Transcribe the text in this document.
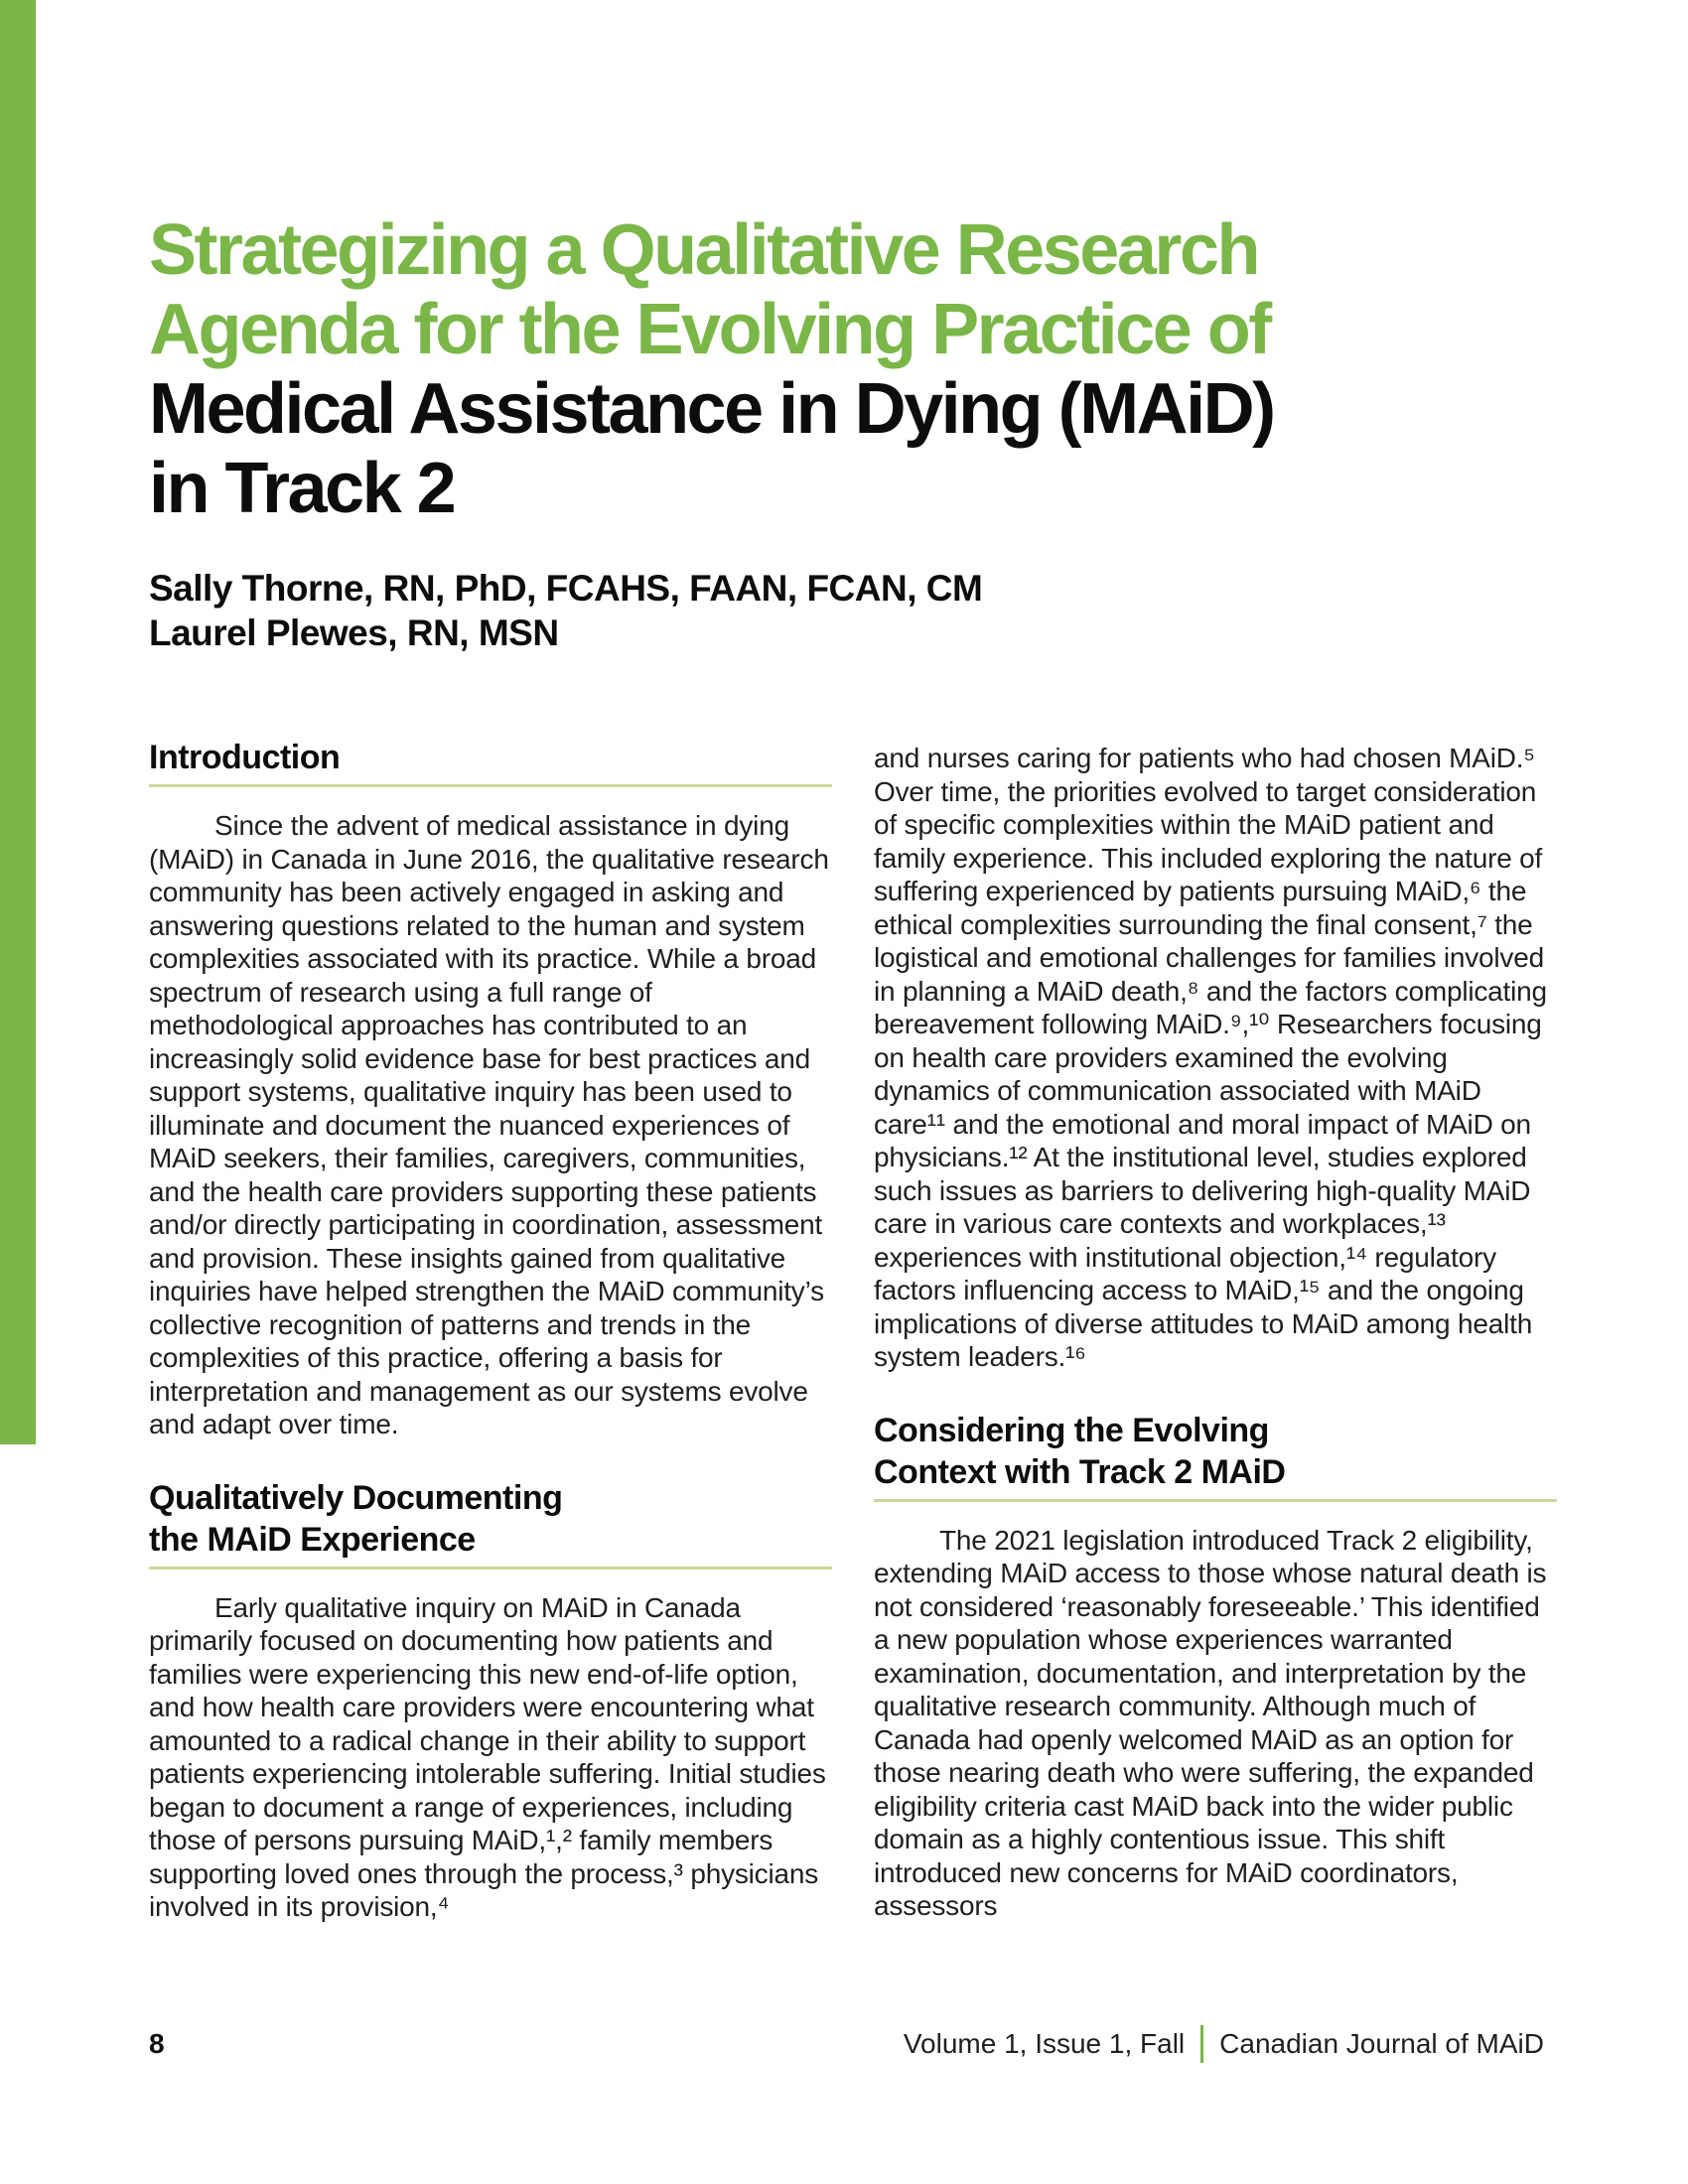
Strategizing a Qualitative Research
Agenda for the Evolving Practice of
Medical Assistance in Dying (MAiD)
in Track 2
Sally Thorne, RN, PhD, FCAHS, FAAN, FCAN, CM
Laurel Plewes, RN, MSN
Introduction

Since the advent of medical assistance in dying (MAiD) in Canada in June 2016, the qualitative research community has been actively engaged in asking and answering questions related to the human and system complexities associated with its practice. While a broad spectrum of research using a full range of methodological approaches has contributed to an increasingly solid evidence base for best practices and support systems, qualitative inquiry has been used to illuminate and document the nuanced experiences of MAiD seekers, their families, caregivers, communities, and the health care providers supporting these patients and/or directly participating in coordination, assessment and provision. These insights gained from qualitative inquiries have helped strengthen the MAiD community’s collective recognition of patterns and trends in the complexities of this practice, offering a basis for interpretation and management as our systems evolve and adapt over time.

Qualitatively Documenting
the MAiD Experience

Early qualitative inquiry on MAiD in Canada primarily focused on documenting how patients and families were experiencing this new end-of-life option, and how health care providers were encountering what amounted to a radical change in their ability to support patients experiencing intolerable suffering. Initial studies began to document a range of experiences, including those of persons pursuing MAiD,¹,² family members supporting loved ones through the process,³ physicians involved in its provision,⁴

and nurses caring for patients who had chosen MAiD.⁵ Over time, the priorities evolved to target consideration of specific complexities within the MAiD patient and family experience. This included exploring the nature of suffering experienced by patients pursuing MAiD,⁶ the ethical complexities surrounding the final consent,⁷ the logistical and emotional challenges for families involved in planning a MAiD death,⁸ and the factors complicating bereavement following MAiD.⁹,¹⁰ Researchers focusing on health care providers examined the evolving dynamics of communication associated with MAiD care¹¹ and the emotional and moral impact of MAiD on physicians.¹² At the institutional level, studies explored such issues as barriers to delivering high-quality MAiD care in various care contexts and workplaces,¹³ experiences with institutional objection,¹⁴ regulatory factors influencing access to MAiD,¹⁵ and the ongoing implications of diverse attitudes to MAiD among health system leaders.¹⁶

Considering the Evolving
Context with Track 2 MAiD

The 2021 legislation introduced Track 2 eligibility, extending MAiD access to those whose natural death is not considered ‘reasonably foreseeable.’ This identified a new population whose experiences warranted examination, documentation, and interpretation by the qualitative research community. Although much of Canada had openly welcomed MAiD as an option for those nearing death who were suffering, the expanded eligibility criteria cast MAiD back into the wider public domain as a highly contentious issue. This shift introduced new concerns for MAiD coordinators, assessors

8	Volume 1, Issue 1, Fall Canadian Journal of MAiD
